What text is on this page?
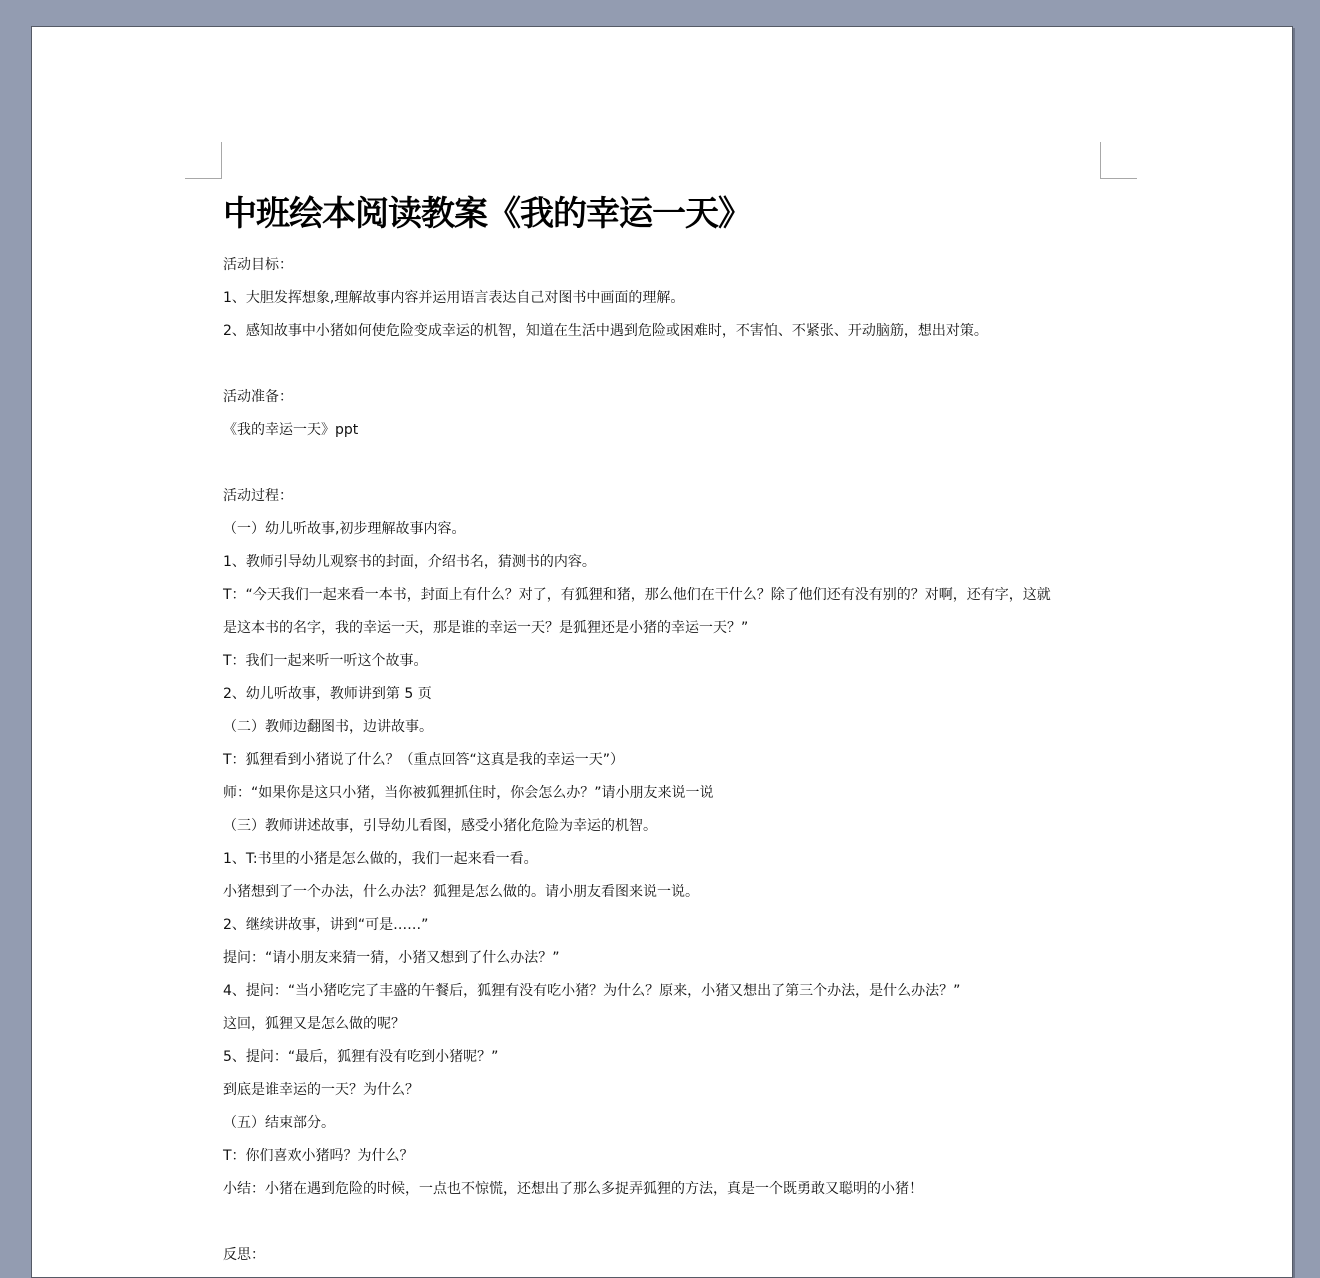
中班绘本阅读教案《我的幸运一天》
活动目标：
1、大胆发挥想象,理解故事内容并运用语言表达自己对图书中画面的理解。
2、感知故事中小猪如何使危险变成幸运的机智，知道在生活中遇到危险或困难时，不害怕、不紧张、开动脑筋，想出对策。
活动准备：
《我的幸运一天》ppt
活动过程：
（一）幼儿听故事,初步理解故事内容。
1、教师引导幼儿观察书的封面，介绍书名，猜测书的内容。
T：“今天我们一起来看一本书，封面上有什么？对了，有狐狸和猪，那么他们在干什么？除了他们还有没有别的？对啊，还有字，这就
是这本书的名字，我的幸运一天，那是谁的幸运一天？是狐狸还是小猪的幸运一天？”
T：我们一起来听一听这个故事。
2、幼儿听故事，教师讲到第 5 页
（二）教师边翻图书，边讲故事。
T：狐狸看到小猪说了什么？（重点回答“这真是我的幸运一天”）
师：“如果你是这只小猪，当你被狐狸抓住时，你会怎么办？”请小朋友来说一说
（三）教师讲述故事，引导幼儿看图，感受小猪化危险为幸运的机智。
1、T:书里的小猪是怎么做的，我们一起来看一看。
小猪想到了一个办法，什么办法？狐狸是怎么做的。请小朋友看图来说一说。
2、继续讲故事，讲到“可是……”
提问：“请小朋友来猜一猜，小猪又想到了什么办法？”
4、提问：“当小猪吃完了丰盛的午餐后，狐狸有没有吃小猪？为什么？原来，小猪又想出了第三个办法，是什么办法？”
这回，狐狸又是怎么做的呢？
5、提问：“最后，狐狸有没有吃到小猪呢？”
到底是谁幸运的一天？为什么？
（五）结束部分。
T：你们喜欢小猪吗？为什么？
小结：小猪在遇到危险的时候，一点也不惊慌，还想出了那么多捉弄狐狸的方法，真是一个既勇敢又聪明的小猪！
反思：
